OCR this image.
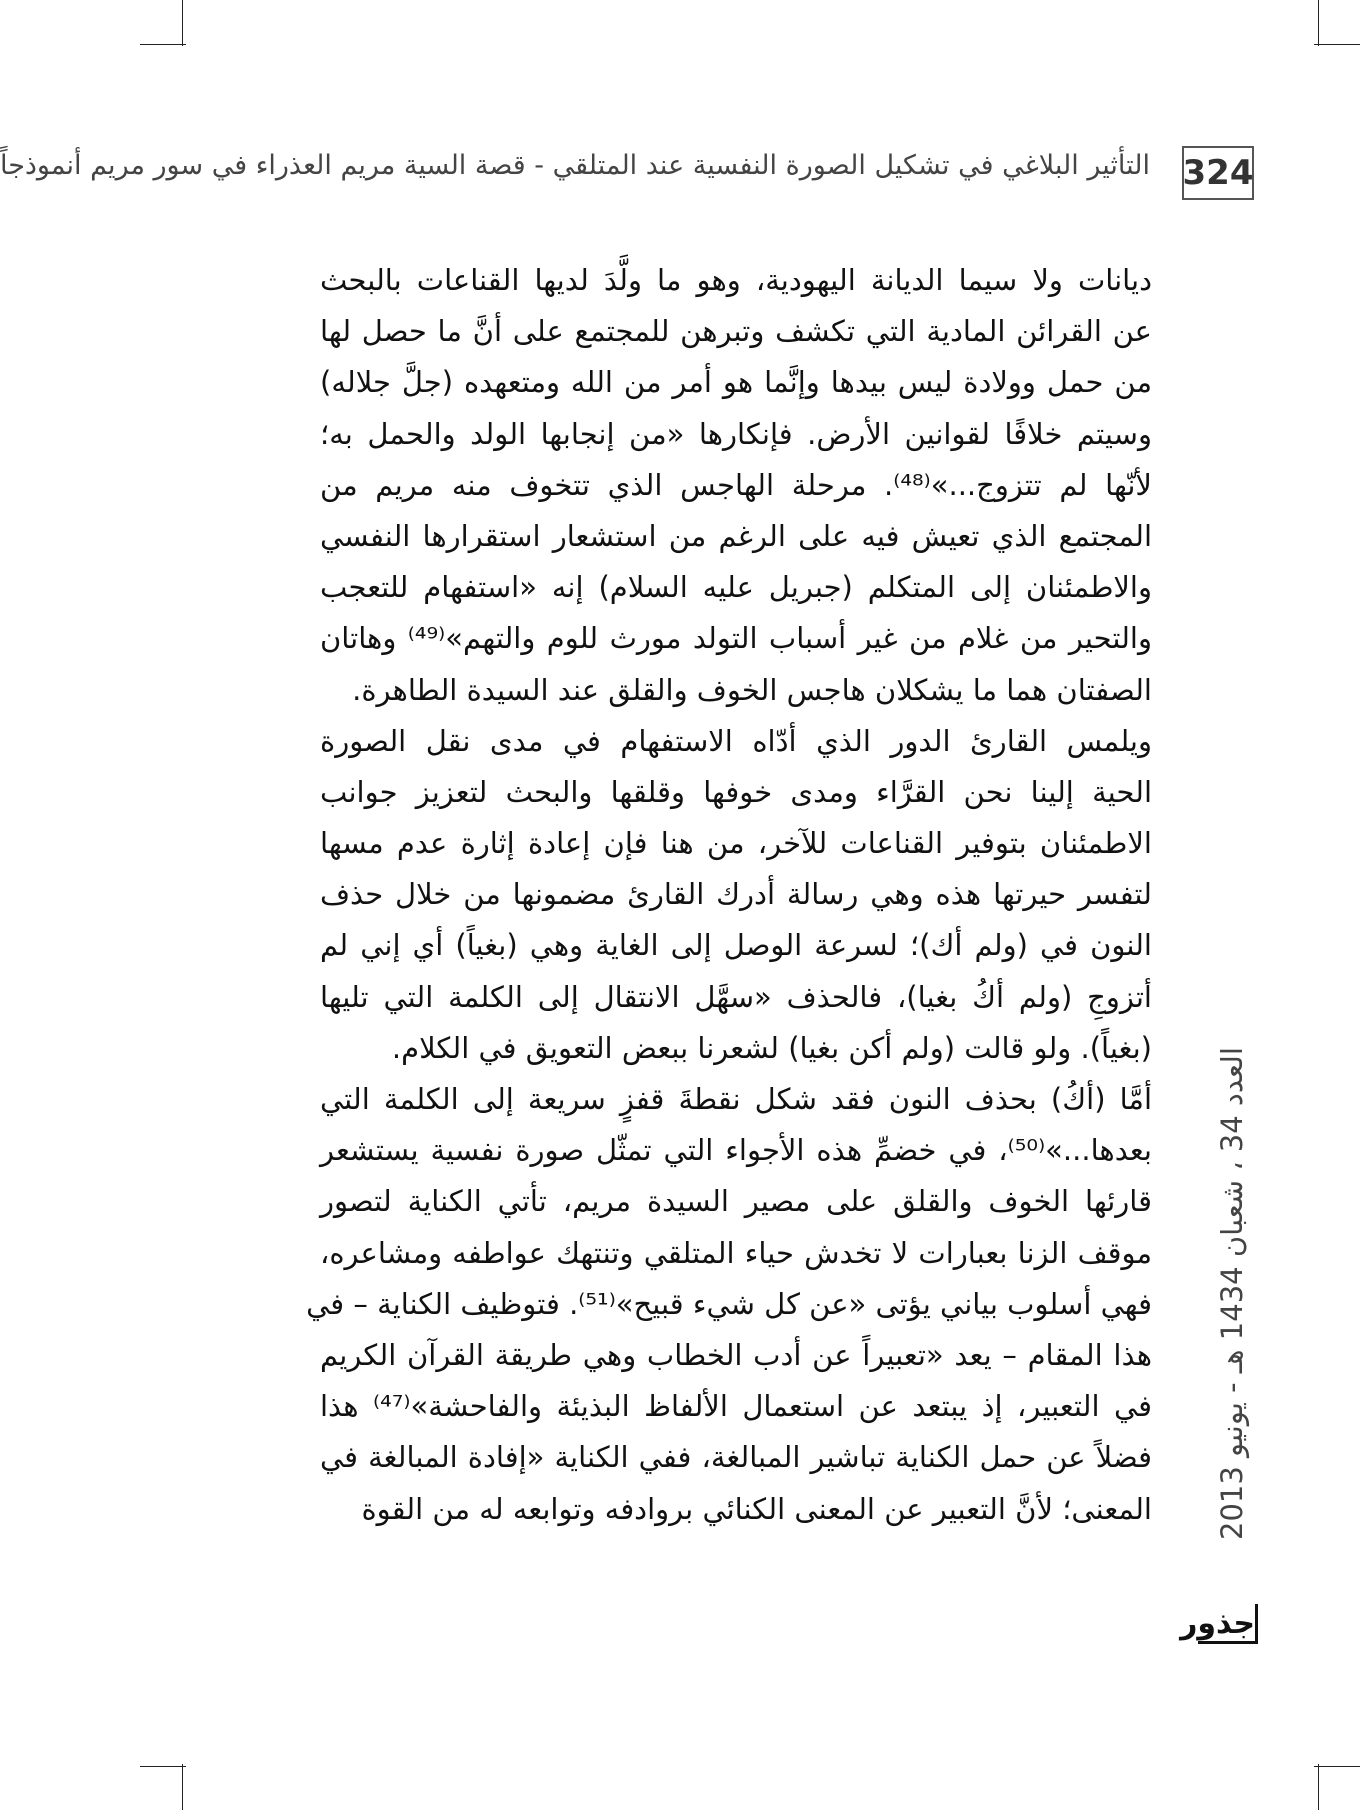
324
التأثير البلاغي في تشكيل الصورة النفسية عند المتلقي - قصة السية مريم العذراء في سور مريم أنموذجاً
ديانات ولا سيما الديانة اليهودية، وهو ما ولَّدَ لديها القناعات بالبحث
عن القرائن المادية التي تكشف وتبرهن للمجتمع على أنَّ ما حصل لها
من حمل وولادة ليس بيدها وإنَّما هو أمر من الله ومتعهده (جلَّ جلاله)
وسيتم خلافًا لقوانين الأرض. فإنكارها «من إنجابها الولد والحمل به؛
لأنّها لم تتزوج...»⁽⁴⁸⁾. مرحلة الهاجس الذي تتخوف منه مريم من
المجتمع الذي تعيش فيه على الرغم من استشعار استقرارها النفسي
والاطمئنان إلى المتكلم (جبريل عليه السلام) إنه «استفهام للتعجب
والتحير من غلام من غير أسباب التولد مورث للوم والتهم»⁽⁴⁹⁾ وهاتان
الصفتان هما ما يشكلان هاجس الخوف والقلق عند السيدة الطاهرة.
ويلمس القارئ الدور الذي أدّاه الاستفهام في مدى نقل الصورة
الحية إلينا نحن القرَّاء ومدى خوفها وقلقها والبحث لتعزيز جوانب
الاطمئنان بتوفير القناعات للآخر، من هنا فإن إعادة إثارة عدم مسها
لتفسر حيرتها هذه وهي رسالة أدرك القارئ مضمونها من خلال حذف
النون في (ولم أك)؛ لسرعة الوصل إلى الغاية وهي (بغياً) أي إني لم
أتزوجِ (ولم أكُ بغيا)، فالحذف «سهَّل الانتقال إلى الكلمة التي تليها
(بغياً). ولو قالت (ولم أكن بغيا) لشعرنا ببعض التعويق في الكلام.
أمَّا (أكُ) بحذف النون فقد شكل نقطةَ قفزٍ سريعة إلى الكلمة التي
بعدها...»⁽⁵⁰⁾، في خضمِّ هذه الأجواء التي تمثّل صورة نفسية يستشعر
قارئها الخوف والقلق على مصير السيدة مريم، تأتي الكناية لتصور
موقف الزنا بعبارات لا تخدش حياء المتلقي وتنتهك عواطفه ومشاعره،
فهي أسلوب بياني يؤتى «عن كل شيء قبيح»⁽⁵¹⁾. فتوظيف الكناية – في
هذا المقام – يعد «تعبيراً عن أدب الخطاب وهي طريقة القرآن الكريم
في التعبير، إذ يبتعد عن استعمال الألفاظ البذيئة والفاحشة»⁽⁴⁷⁾ هذا
فضلاً عن حمل الكناية تباشير المبالغة، ففي الكناية «إفادة المبالغة في
المعنى؛ لأنَّ التعبير عن المعنى الكنائي بروادفه وتوابعه له من القوة العدد 34 ، شعبان 1434 هـ - يونيو 2013
جذور
